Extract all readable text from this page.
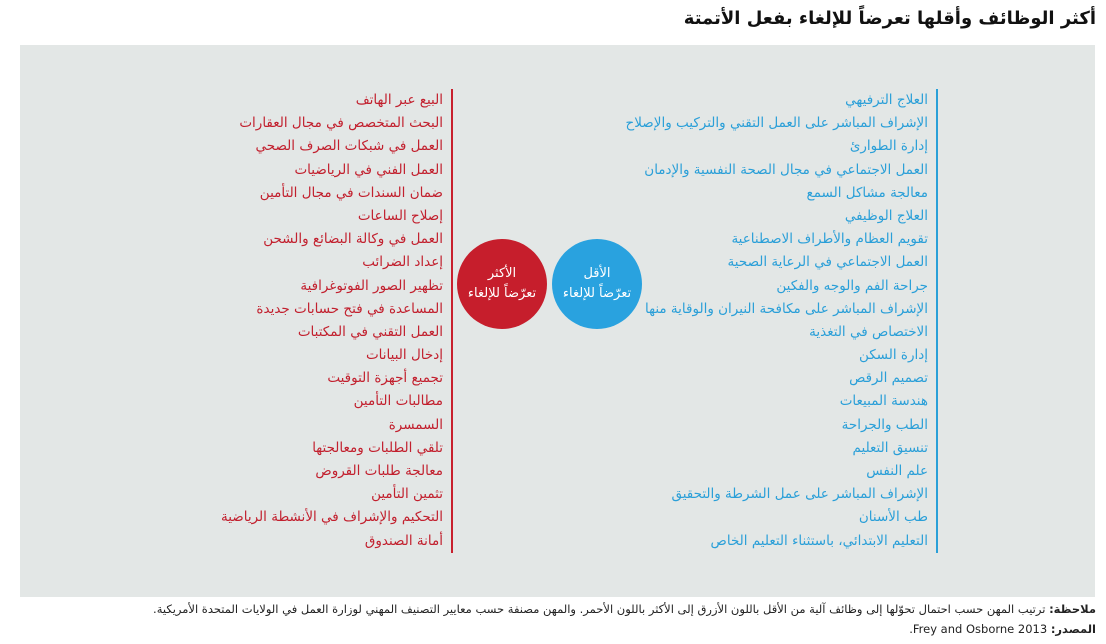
أكثر الوظائف وأقلها تعرضاً للإلغاء بفعل الأتمتة
العلاج الترفيهي
الإشراف المباشر على العمل التقني والتركيب والإصلاح
إدارة الطوارئ
العمل الاجتماعي في مجال الصحة النفسية والإدمان
معالجة مشاكل السمع
العلاج الوظيفي
تقويم العظام والأطراف الاصطناعية
العمل الاجتماعي في الرعاية الصحية
جراحة الفم والوجه والفكين
الإشراف المباشر على مكافحة النيران والوقاية منها
الاختصاص في التغذية
إدارة السكن
تصميم الرقص
هندسة المبيعات
الطب والجراحة
تنسيق التعليم
علم النفس
الإشراف المباشر على عمل الشرطة والتحقيق
طب الأسنان
التعليم الابتدائي، باستثناء التعليم الخاص
البيع عبر الهاتف
البحث المتخصص في مجال العقارات
العمل في شبكات الصرف الصحي
العمل الفني في الرياضيات
ضمان السندات في مجال التأمين
إصلاح الساعات
العمل في وكالة البضائع والشحن
إعداد الضرائب
تظهير الصور الفوتوغرافية
المساعدة في فتح حسابات جديدة
العمل التقني في المكتبات
إدخال البيانات
تجميع أجهزة التوقيت
مطالبات التأمين
السمسرة
تلقي الطلبات ومعالجتها
معالجة طلبات القروض
تثمين التأمين
التحكيم والإشراف في الأنشطة الرياضية
أمانة الصندوق
الأقل
تعرّضاً للإلغاء
الأكثر
تعرّضاً للإلغاء
ملاحظة: ترتيب المهن حسب احتمال تحوّلها إلى وظائف آلية من الأقل باللون الأزرق إلى الأكثر باللون الأحمر. والمهن مصنفة حسب معايير التصنيف المهني لوزارة العمل في الولايات المتحدة الأمريكية.
المصدر: Frey and Osborne 2013.
